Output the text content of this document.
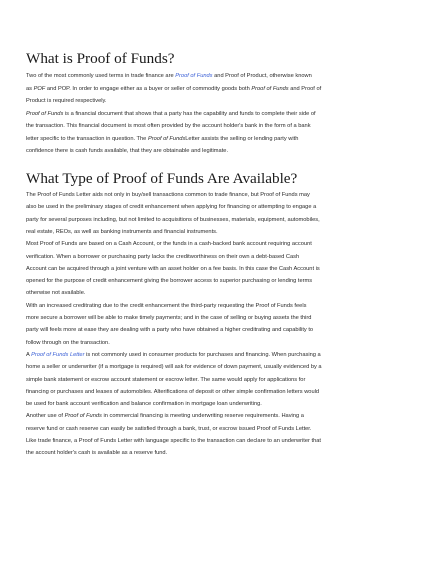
What is Proof of Funds?
What Type of Proof of Funds Are Available?

Two of the most commonly used terms in trade finance are Proof of Funds and Proof of Product, otherwise known

as POF and POP. In order to engage either as a buyer or seller of commodity goods both Proof of Funds and Proof of

Product is required respectively.

Proof of Funds is a financial document that shows that a party has the capability and funds to complete their side of

the transaction. This financial document is most often provided by the account holder's bank in the form of a bank

letter specific to the transaction in question. The Proof of FundsLetter assists the selling or lending party with

confidence there is cash funds available, that they are obtainable and legitimate.

The Proof of Funds Letter aids not only in buy/sell transactions common to trade finance, but Proof of Funds may

also be used in the preliminary stages of credit enhancement when applying for financing or attempting to engage a

party for several purposes including, but not limited to acquisitions of businesses, materials, equipment, automobiles,

real estate, REOs, as well as banking instruments and financial instruments.

Most Proof of Funds are based on a Cash Account, or the funds in a cash-backed bank account requiring account

verification. When a borrower or purchasing party lacks the creditworthiness on their own a debt-based Cash

Account can be acquired through a joint venture with an asset holder on a fee basis. In this case the Cash Account is

opened for the purpose of credit enhancement giving the borrower access to superior purchasing or lending terms

otherwise not available.

With an increased creditrating due to the credit enhancement the third-party requesting the Proof of Funds feels

more secure a borrower will be able to make timely payments; and in the case of selling or buying assets the third

party will feels more at ease they are dealing with a party who have obtained a higher creditrating and capability to

follow through on the transaction.

A Proof of Funds Letter is not commonly used in consumer products for purchases and financing. When purchasing a

home a seller or underwriter (if a mortgage is required) will ask for evidence of down payment, usually evidenced by a

simple bank statement or escrow account statement or escrow letter. The same would apply for applications for

financing or purchases and leases of automobiles. Alterifications of deposit or other simple confirmation letters would

be used for bank account verification and balance confirmation in mortgage loan underwriting.

Another use of Proof of Funds in commercial financing is meeting underwriting reserve requirements. Having a

reserve fund or cash reserve can easily be satisfied through a bank, trust, or escrow issued Proof of Funds Letter.

Like trade finance, a Proof of Funds Letter with language specific to the transaction can declare to an underwriter that

the account holder's cash is available as a reserve fund.
